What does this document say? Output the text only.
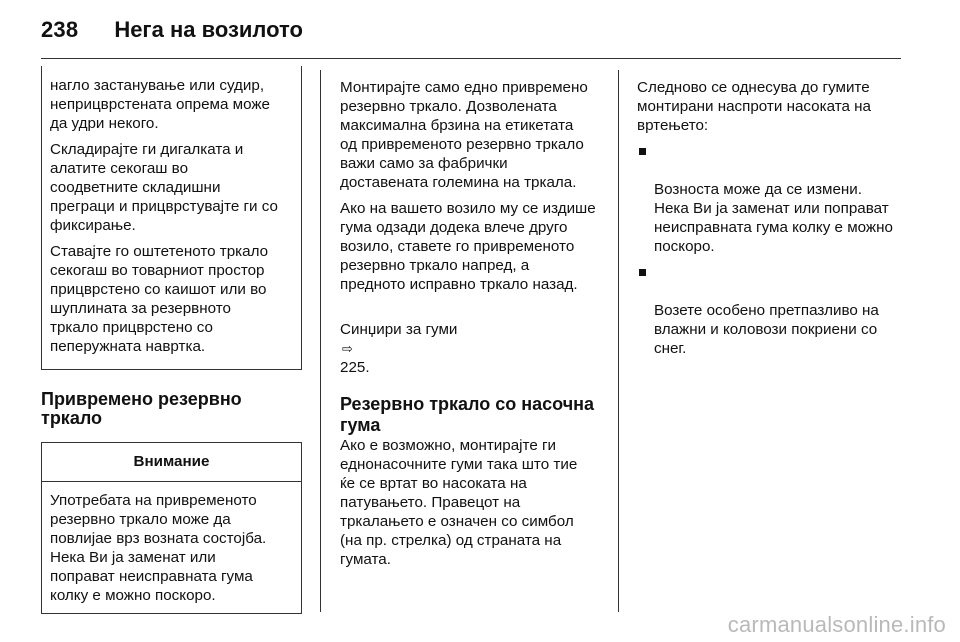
238 Нега на возилото

нагло застанување или судир,
неприцврстената опрема може
да удри некого.

Складирајте ги дигалката и
алатите секогаш во
соодветните складишни
преграци и прицврстувајте ги со
фиксирање.

Ставајте го оштетеното тркало
секогаш во товарниот простор
прицврстено со каишот или во
шуплината за резервното
тркало прицврстено со
пеперужната навртка.

Привремено резервно тркало
Внимание
Употребата на привременото
резервно тркало може да
повлијае врз возната состојба.
Нека Ви ја заменат или
поправат неисправната гума
колку е можно поскоро.

Монтирајте само едно привремено
резервно тркало. Дозволената
максимална брзина на етикетата
од привременото резервно тркало
важи само за фабрички
доставената големина на тркала.

Ако на вашето возило му се издише
гума одзади додека влече друго
возило, ставете го привременото
резервно тркало напред, а
предното исправно тркало назад.

Синџири за гуми
⇨
225.

Резервно тркало со насочна
гума

Ако е возможно, монтирајте ги
еднонасочните гуми така што тие
ќе се вртат во насоката на
патувањето. Правецот на
тркалањето е означен со симбол
(на пр. стрелка) од страната на
гумата.

Следново се однесува до гумите
монтирани наспроти насоката на
вртењето:

Возноста може да се измени.
Нека Ви ја заменат или поправат
неисправната гума колку е можно
поскоро.

Возете особено претпазливо на
влажни и коловози покриени со
снег.

carmanualsonline.info
